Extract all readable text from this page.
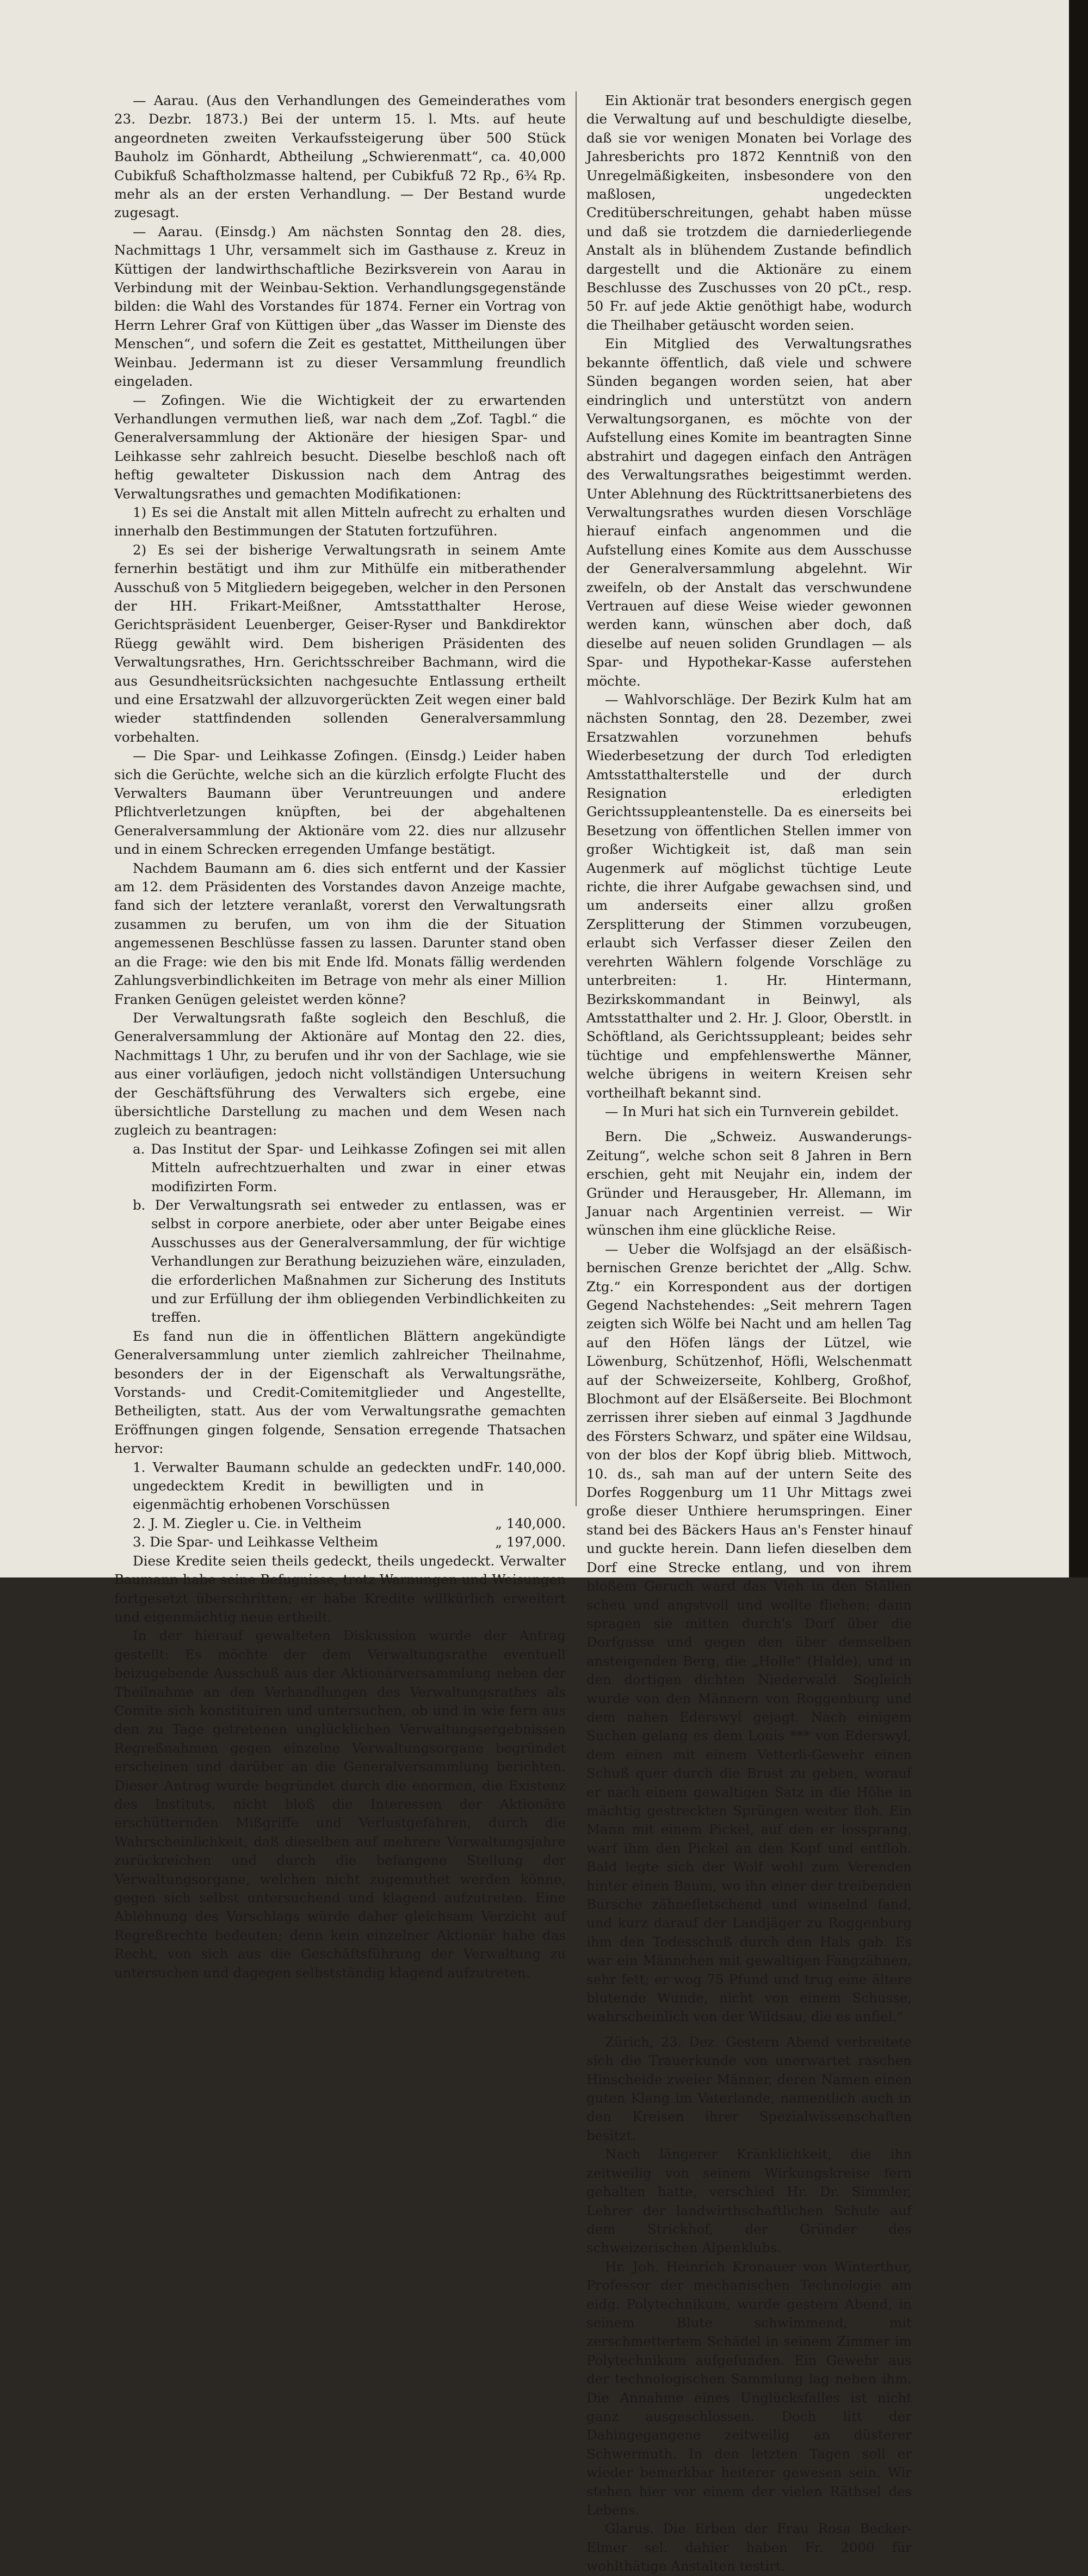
— Aarau. (Aus den Verhandlungen des Gemeinderathes vom 23. Dezbr. 1873.) Bei der unterm 15. l. Mts. auf heute angeordneten zweiten Verkaufssteigerung über 500 Stück Bauholz im Gönhardt, Abtheilung „Schwierenmatt“, ca. 40,000 Cubikfuß Schaftholzmasse haltend, per Cubikfuß 72 Rp., 6¾ Rp. mehr als an der ersten Verhandlung. — Der Bestand wurde zugesagt.

— Aarau. (Einsdg.) Am nächsten Sonntag den 28. dies, Nachmittags 1 Uhr, versammelt sich im Gasthause z. Kreuz in Küttigen der landwirthschaftliche Bezirksverein von Aarau in Verbindung mit der Weinbau-Sektion. Verhandlungsgegenstände bilden: die Wahl des Vorstandes für 1874. Ferner ein Vortrag von Herrn Lehrer Graf von Küttigen über „das Wasser im Dienste des Menschen“, und sofern die Zeit es gestattet, Mittheilungen über Weinbau. Jedermann ist zu dieser Versammlung freundlich eingeladen.

— Zofingen. Wie die Wichtigkeit der zu erwartenden Verhandlungen vermuthen ließ, war nach dem „Zof. Tagbl.“ die Generalversammlung der Aktionäre der hiesigen Spar- und Leihkasse sehr zahlreich besucht. Dieselbe beschloß nach oft heftig gewalteter Diskussion nach dem Antrag des Verwaltungsrathes und gemachten Modifikationen:

1) Es sei die Anstalt mit allen Mitteln aufrecht zu erhalten und innerhalb den Bestimmungen der Statuten fortzuführen.

2) Es sei der bisherige Verwaltungsrath in seinem Amte fernerhin bestätigt und ihm zur Mithülfe ein mitberathender Ausschuß von 5 Mitgliedern beigegeben, welcher in den Personen der HH. Frikart-Meißner, Amtsstatthalter Herose, Gerichtspräsident Leuenberger, Geiser-Ryser und Bankdirektor Rüegg gewählt wird. Dem bisherigen Präsidenten des Verwaltungsrathes, Hrn. Gerichtsschreiber Bachmann, wird die aus Gesundheitsrücksichten nachgesuchte Entlassung ertheilt und eine Ersatzwahl der allzuvorgerückten Zeit wegen einer bald wieder stattfindenden sollenden Generalversammlung vorbehalten.

— Die Spar- und Leihkasse Zofingen. (Einsdg.) Leider haben sich die Gerüchte, welche sich an die kürzlich erfolgte Flucht des Verwalters Baumann über Veruntreuungen und andere Pflichtverletzungen knüpften, bei der abgehaltenen Generalversammlung der Aktionäre vom 22. dies nur allzusehr und in einem Schrecken erregenden Umfange bestätigt.

Nachdem Baumann am 6. dies sich entfernt und der Kassier am 12. dem Präsidenten des Vorstandes davon Anzeige machte, fand sich der letztere veranlaßt, vorerst den Verwaltungsrath zusammen zu berufen, um von ihm die der Situation angemessenen Beschlüsse fassen zu lassen. Darunter stand oben an die Frage: wie den bis mit Ende lfd. Monats fällig werdenden Zahlungsverbindlichkeiten im Betrage von mehr als einer Million Franken Genügen geleistet werden könne?

Der Verwaltungsrath faßte sogleich den Beschluß, die Generalversammlung der Aktionäre auf Montag den 22. dies, Nachmittags 1 Uhr, zu berufen und ihr von der Sachlage, wie sie aus einer vorläufigen, jedoch nicht vollständigen Untersuchung der Geschäftsführung des Verwalters sich ergebe, eine übersichtliche Darstellung zu machen und dem Wesen nach zugleich zu beantragen:

a. Das Institut der Spar- und Leihkasse Zofingen sei mit allen Mitteln aufrechtzuerhalten und zwar in einer etwas modifizirten Form.

b. Der Verwaltungsrath sei entweder zu entlassen, was er selbst in corpore anerbiete, oder aber unter Beigabe eines Ausschusses aus der Generalversammlung, der für wichtige Verhandlungen zur Berathung beizuziehen wäre, einzuladen, die erforderlichen Maßnahmen zur Sicherung des Instituts und zur Erfüllung der ihm obliegenden Verbindlichkeiten zu treffen.

Es fand nun die in öffentlichen Blättern angekündigte Generalversammlung unter ziemlich zahlreicher Theilnahme, besonders der in der Eigenschaft als Verwaltungsräthe, Vorstands- und Credit-Comitemitglieder und Angestellte, Betheiligten, statt. Aus der vom Verwaltungsrathe gemachten Eröffnungen gingen folgende, Sensation erregende Thatsachen hervor:

1. Verwalter Baumann schulde an gedeckten und ungedecktem Kredit in bewilligten und in eigenmächtig erhobenen Vorschüssen
Fr. 140,000.
2. J. M. Ziegler u. Cie. in Veltheim	„ 140,000.
3. Die Spar- und Leihkasse Veltheim	„ 197,000.

Diese Kredite seien theils gedeckt, theils ungedeckt. Verwalter Baumann habe seine Befugnisse, trotz Warnungen und Weisungen fortgesetzt überschritten; er habe Kredite willkürlich erweitert und eigenmächtig neue ertheilt.

In der hierauf gewalteten Diskussion wurde der Antrag gestellt: Es möchte der dem Verwaltungsrathe eventuell beizugebende Ausschuß aus der Aktionärversammlung neben der Theilnahme an den Verhandlungen des Verwaltungsrathes als Comite sich konstituiren und untersuchen, ob und in wie fern aus den zu Tage getretenen unglücklichen Verwaltungsergebnissen Regreßnahmen gegen einzelne Verwaltungsorgane begründet erscheinen und darüber an die Generalversammlung berichten. Dieser Antrag wurde begründet durch die enormen, die Existenz des Instituts, nicht bloß die Interessen der Aktionäre erschütternden Mißgriffe und Verlustgefahren, durch die Wahrscheinlichkeit, daß dieselben auf mehrere Verwaltungsjahre zurückreichen und durch die befangene Stellung der Verwaltungsorgane, welchen nicht zugemuthet werden könne, gegen sich selbst untersuchend und klagend aufzutreten. Eine Ablehnung des Vorschlags würde daher gleichsam Verzicht auf Regreßrechte bedeuten; denn kein einzelner Aktionär habe das Recht, von sich aus die Geschäftsführung der Verwaltung zu untersuchen und dagegen selbstständig klagend aufzutreten.

Ein Aktionär trat besonders energisch gegen die Verwaltung auf und beschuldigte dieselbe, daß sie vor wenigen Monaten bei Vorlage des Jahresberichts pro 1872 Kenntniß von den Unregelmäßigkeiten, insbesondere von den maßlosen, ungedeckten Creditüberschreitungen, gehabt haben müsse und daß sie trotzdem die darniederliegende Anstalt als in blühendem Zustande befindlich dargestellt und die Aktionäre zu einem Beschlusse des Zuschusses von 20 pCt., resp. 50 Fr. auf jede Aktie genöthigt habe, wodurch die Theilhaber getäuscht worden seien.

Ein Mitglied des Verwaltungsrathes bekannte öffentlich, daß viele und schwere Sünden begangen worden seien, hat aber eindringlich und unterstützt von andern Verwaltungsorganen, es möchte von der Aufstellung eines Komite im beantragten Sinne abstrahirt und dagegen einfach den Anträgen des Verwaltungsrathes beigestimmt werden. Unter Ablehnung des Rücktrittsanerbietens des Verwaltungsrathes wurden diesen Vorschläge hierauf einfach angenommen und die Aufstellung eines Komite aus dem Ausschusse der Generalversammlung abgelehnt. Wir zweifeln, ob der Anstalt das verschwundene Vertrauen auf diese Weise wieder gewonnen werden kann, wünschen aber doch, daß dieselbe auf neuen soliden Grundlagen — als Spar- und Hypothekar-Kasse auferstehen möchte.

— Wahlvorschläge. Der Bezirk Kulm hat am nächsten Sonntag, den 28. Dezember, zwei Ersatzwahlen vorzunehmen behufs Wiederbesetzung der durch Tod erledigten Amtsstatthalterstelle und der durch Resignation erledigten Gerichtssuppleantenstelle. Da es einerseits bei Besetzung von öffentlichen Stellen immer von großer Wichtigkeit ist, daß man sein Augenmerk auf möglichst tüchtige Leute richte, die ihrer Aufgabe gewachsen sind, und um anderseits einer allzu großen Zersplitterung der Stimmen vorzubeugen, erlaubt sich Verfasser dieser Zeilen den verehrten Wählern folgende Vorschläge zu unterbreiten: 1. Hr. Hintermann, Bezirkskommandant in Beinwyl, als Amtsstatthalter und 2. Hr. J. Gloor, Oberstlt. in Schöftland, als Gerichtssuppleant; beides sehr tüchtige und empfehlenswerthe Männer, welche übrigens in weitern Kreisen sehr vortheilhaft bekannt sind.

— In Muri hat sich ein Turnverein gebildet.

Bern. Die „Schweiz. Auswanderungs-Zeitung“, welche schon seit 8 Jahren in Bern erschien, geht mit Neujahr ein, indem der Gründer und Herausgeber, Hr. Allemann, im Januar nach Argentinien verreist. — Wir wünschen ihm eine glückliche Reise.

— Ueber die Wolfsjagd an der elsäßisch-bernischen Grenze berichtet der „Allg. Schw. Ztg.“ ein Korrespondent aus der dortigen Gegend Nachstehendes: „Seit mehrern Tagen zeigten sich Wölfe bei Nacht und am hellen Tag auf den Höfen längs der Lützel, wie Löwenburg, Schützenhof, Höfli, Welschenmatt auf der Schweizerseite, Kohlberg, Großhof, Blochmont auf der Elsäßerseite. Bei Blochmont zerrissen ihrer sieben auf einmal 3 Jagdhunde des Försters Schwarz, und später eine Wildsau, von der blos der Kopf übrig blieb. Mittwoch, 10. ds., sah man auf der untern Seite des Dorfes Roggenburg um 11 Uhr Mittags zwei große dieser Unthiere herumspringen. Einer stand bei des Bäckers Haus an's Fenster hinauf und guckte herein. Dann liefen dieselben dem Dorf eine Strecke entlang, und von ihrem bloßem Geruch ward das Vieh in den Ställen scheu und angstvoll und wollte fliehen; dann spragen sie mitten durch's Dorf über die Dorfgasse und gegen den über demselben ansteigenden Berg, die „Holle“ (Halde), und in den dortigen dichten Niederwald. Sogleich wurde von den Männern von Roggenburg und dem nahen Ederswyl gejagt. Nach einigem Suchen gelang es dem Louis *** von Ederswyl, dem einen mit einem Vetterli-Gewehr einen Schuß quer durch die Brust zu geben, worauf er nach einem gewaltigen Satz in die Höhe in mächtig gestreckten Sprüngen weiter floh. Ein Mann mit einem Pickel, auf den er lossprang, warf ihm den Pickel an den Kopf und entfloh. Bald legte sich der Wolf wohl zum Verenden hinter einen Baum, wo ihn einer der treibenden Bursche zähnefletschend und winselnd fand, und kurz darauf der Landjäger zu Roggenburg ihm den Todesschuß durch den Hals gab. Es war ein Männchen mit gewaltigen Fangzähnen, sehr fett; er wog 75 Pfund und trug eine ältere blutende Wunde, nicht von einem Schusse, wahrscheinlich von der Wildsau, die es anfiel.“

Zürich, 23. Dez. Gestern Abend verbreitete sich die Trauerkunde von unerwartet raschen Hinscheide zweier Männer, deren Namen einen guten Klang im Vaterlande, namentlich auch in den Kreisen ihrer Spezialwissenschaften besitzt.

Nach längerer Kränklichkeit, die ihn zeitweilig von seinem Wirkungskreise fern gehalten hatte, verschied Hr. Dr. Simmler, Lehrer der landwirthschaftlichen Schule auf dem Strickhof, der Gründer des schweizerischen Alpenklubs.

Hr. Joh. Heinrich Kronauer von Winterthur, Professor der mechanischen Technologie am eidg. Polytechnikum, wurde gestern Abend, in seinem Blute schwimmend, mit zerschmettertem Schädel in seinem Zimmer im Polytechnikum aufgefunden. Ein Gewehr aus der technologischen Sammlung lag neben ihm. Die Annahme eines Unglücksfalles ist nicht ganz ausgeschlossen. Doch litt der Dahingegangene zeitweilig an düsterer Schwermuth. In den letzten Tagen soll er wieder bemerkbar heiterer gewesen sein. Wir stehen hier vor einem der vielen Räthsel des Lebens.

Glarus. Die Erben der Frau Rosa Becker-Elmer sel. dahier haben Fr. 2000 für wohlthätige Anstalten testirt.
